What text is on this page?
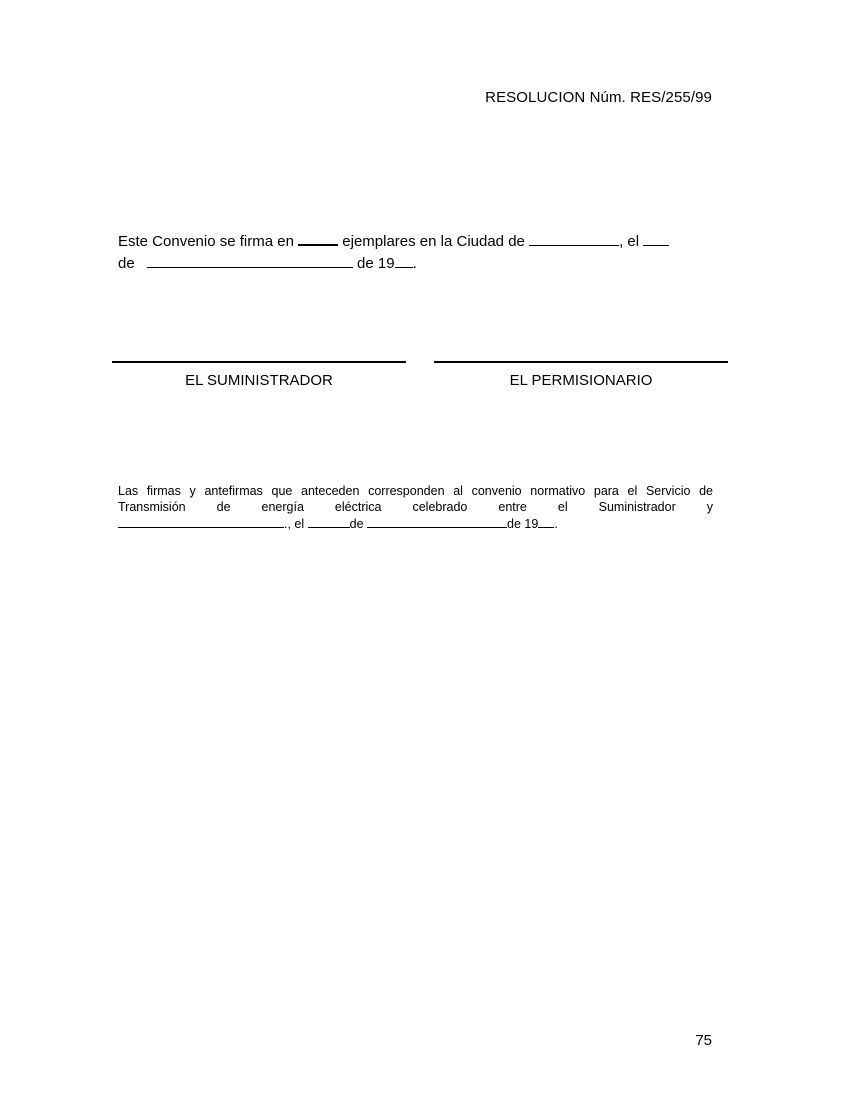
RESOLUCION Núm. RES/255/99
Este Convenio se firma en	ejemplares en la Ciudad de	, el
de	de 19 .
EL SUMINISTRADOR	EL PERMISIONARIO
Las firmas y antefirmas que anteceden corresponden al convenio normativo para el Servicio de
Transmisión de energía eléctrica celebrado entre el Suministrador y
., el	de	de 19 .
75
